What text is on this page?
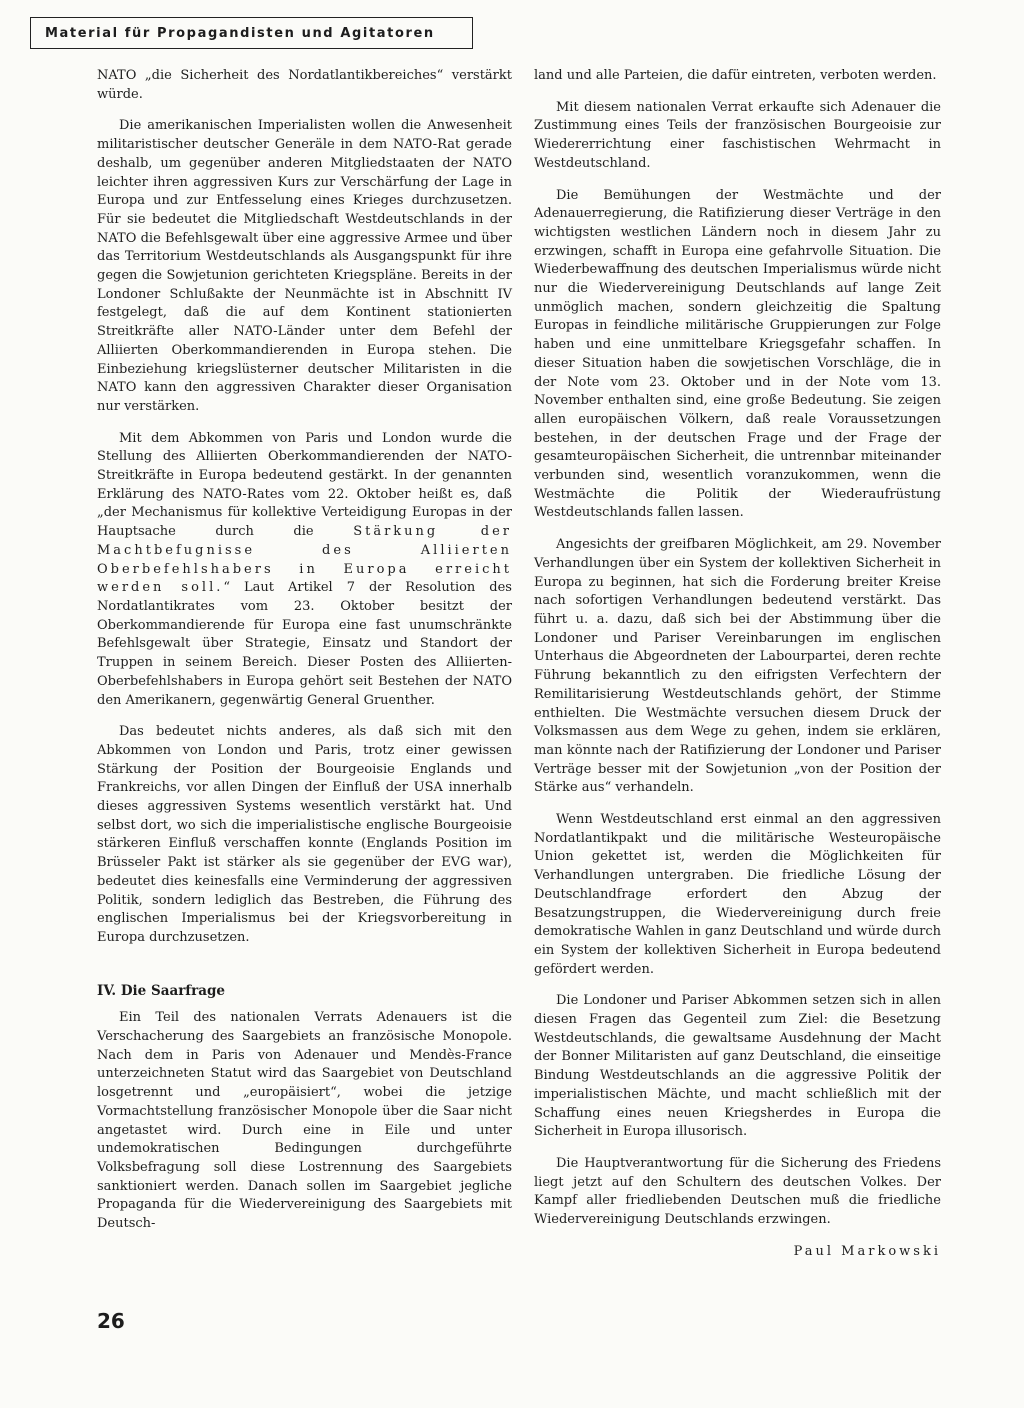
Material für Propagandisten und Agitatoren

NATO „die Sicherheit des Nordatlantikbereiches“ verstärkt würde.

Die amerikanischen Imperialisten wollen die Anwesenheit militaristischer deutscher Generäle in dem NATO-Rat gerade deshalb, um gegenüber anderen Mitgliedstaaten der NATO leichter ihren aggressiven Kurs zur Verschärfung der Lage in Europa und zur Entfesselung eines Krieges durchzusetzen. Für sie bedeutet die Mitgliedschaft Westdeutschlands in der NATO die Befehlsgewalt über eine aggressive Armee und über das Territorium Westdeutschlands als Ausgangspunkt für ihre gegen die Sowjetunion gerichteten Kriegspläne. Bereits in der Londoner Schlußakte der Neunmächte ist in Abschnitt IV festgelegt, daß die auf dem Kontinent stationierten Streitkräfte aller NATO-Länder unter dem Befehl der Alliierten Oberkommandierenden in Europa stehen. Die Einbeziehung kriegslüsterner deutscher Militaristen in die NATO kann den aggressiven Charakter dieser Organisation nur verstärken.

Mit dem Abkommen von Paris und London wurde die Stellung des Alliierten Oberkommandierenden der NATO-Streitkräfte in Europa bedeutend gestärkt. In der genannten Erklärung des NATO-Rates vom 22. Oktober heißt es, daß „der Mechanismus für kollektive Verteidigung Europas in der Hauptsache durch die	Stärkung der Machtbefugnisse des Alliierten Oberbefehlshabers in Europa erreicht werden soll.“ Laut Artikel 7 der Resolution des Nordatlantikrates vom 23. Oktober besitzt der Oberkommandierende für Europa eine fast unumschränkte Befehlsgewalt über Strategie, Einsatz und Standort der Truppen in seinem Bereich. Dieser Posten des Alliierten-Oberbefehlshabers in Europa gehört seit Bestehen der NATO den Amerikanern, gegenwärtig General Gruenther.

Das bedeutet nichts anderes, als daß sich mit den Abkommen von London und Paris, trotz einer gewissen Stärkung der Position der Bourgeoisie Englands und Frankreichs, vor allen Dingen der Einfluß der USA innerhalb dieses aggressiven Systems wesentlich verstärkt hat. Und selbst dort, wo sich die imperialistische englische Bourgeoisie stärkeren Einfluß verschaffen konnte (Englands Position im Brüsseler Pakt ist stärker als sie gegenüber der EVG war), bedeutet dies keinesfalls eine Verminderung der aggressiven Politik, sondern lediglich das Bestreben, die Führung des englischen Imperialismus bei der Kriegsvorbereitung in Europa durchzusetzen.

IV. Die Saarfrage

Ein Teil des nationalen Verrats Adenauers ist die Verschacherung des Saargebiets an französische Monopole. Nach dem in Paris von Adenauer und Mendès-France unterzeichneten Statut wird das Saargebiet von Deutschland losgetrennt und „europäisiert“, wobei die jetzige Vormachtstellung französischer Monopole über die Saar nicht angetastet wird. Durch eine in Eile und unter undemokratischen Bedingungen durchgeführte Volksbefragung soll diese Lostrennung des Saargebiets sanktioniert werden. Danach sollen im Saargebiet jegliche Propaganda für die Wiedervereinigung des Saargebiets mit Deutsch-

land und alle Parteien, die dafür eintreten, verboten werden.

Mit diesem nationalen Verrat erkaufte sich Adenauer die Zustimmung eines Teils der französischen Bourgeoisie zur Wiedererrichtung einer faschistischen Wehrmacht in Westdeutschland.

Die Bemühungen der Westmächte und der Adenauerregierung, die Ratifizierung dieser Verträge in den wichtigsten westlichen Ländern noch in diesem Jahr zu erzwingen, schafft in Europa eine gefahrvolle Situation. Die Wiederbewaffnung des deutschen Imperialismus würde nicht nur die Wiedervereinigung Deutschlands auf lange Zeit unmöglich machen, sondern gleichzeitig die Spaltung Europas in feindliche militärische Gruppierungen zur Folge haben und eine unmittelbare Kriegsgefahr schaffen. In dieser Situation haben die sowjetischen Vorschläge, die in der Note vom 23. Oktober und in der Note vom 13. November enthalten sind, eine große Bedeutung. Sie zeigen allen europäischen Völkern, daß reale Voraussetzungen bestehen, in der deutschen Frage und der Frage der gesamteuropäischen Sicherheit, die untrennbar miteinander verbunden sind, wesentlich voranzukommen, wenn die Westmächte die Politik der Wiederaufrüstung Westdeutschlands fallen lassen.

Angesichts der greifbaren Möglichkeit, am 29. November Verhandlungen über ein System der kollektiven Sicherheit in Europa zu beginnen, hat sich die Forderung breiter Kreise nach sofortigen Verhandlungen bedeutend verstärkt. Das führt u. a. dazu, daß sich bei der Abstimmung über die Londoner und Pariser Vereinbarungen im englischen Unterhaus die Abgeordneten der Labourpartei, deren rechte Führung bekanntlich zu den eifrigsten Verfechtern der Remilitarisierung Westdeutschlands gehört, der Stimme enthielten. Die Westmächte versuchen diesem Druck der Volksmassen aus dem Wege zu gehen, indem sie erklären, man könnte nach der Ratifizierung der Londoner und Pariser Verträge besser mit der Sowjetunion „von der Position der Stärke aus“ verhandeln.

Wenn Westdeutschland erst einmal an den aggressiven Nordatlantikpakt und die militärische Westeuropäische Union gekettet ist, werden die Möglichkeiten für Verhandlungen untergraben. Die friedliche Lösung der Deutschlandfrage erfordert den Abzug der Besatzungstruppen, die Wiedervereinigung durch freie demokratische Wahlen in ganz Deutschland und würde durch ein System der kollektiven Sicherheit in Europa bedeutend gefördert werden.

Die Londoner und Pariser Abkommen setzen sich in allen diesen Fragen das Gegenteil zum Ziel: die Besetzung Westdeutschlands, die gewaltsame Ausdehnung der Macht der Bonner Militaristen auf ganz Deutschland, die einseitige Bindung Westdeutschlands an die aggressive Politik der imperialistischen Mächte, und macht schließlich mit der Schaffung eines neuen Kriegsherdes in Europa die Sicherheit in Europa illusorisch.

Die Hauptverantwortung für die Sicherung des Friedens liegt jetzt auf den Schultern des deutschen Volkes. Der Kampf aller friedliebenden Deutschen muß die friedliche Wiedervereinigung Deutschlands erzwingen.

Paul Markowski
26
